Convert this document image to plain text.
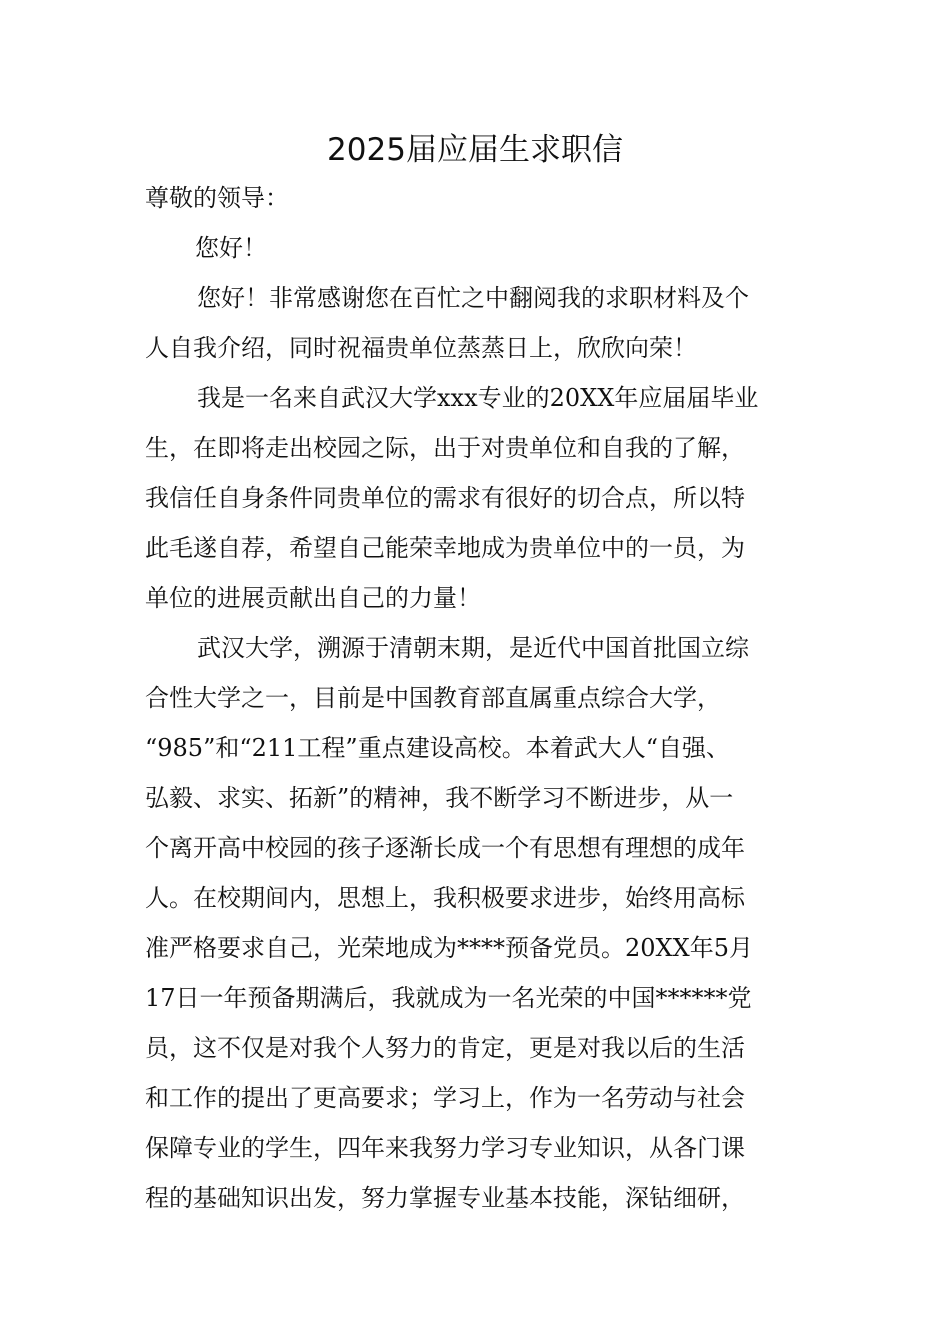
2025届应届生求职信
尊敬的领导：
您好！
您好！非常感谢您在百忙之中翻阅我的求职材料及个
人自我介绍，同时祝福贵单位蒸蒸日上，欣欣向荣！
我是一名来自武汉大学xxx专业的20XX年应届届毕业
生，在即将走出校园之际，出于对贵单位和自我的了解，
我信任自身条件同贵单位的需求有很好的切合点，所以特
此毛遂自荐，希望自己能荣幸地成为贵单位中的一员，为
单位的进展贡献出自己的力量！
武汉大学，溯源于清朝末期，是近代中国首批国立综
合性大学之一，目前是中国教育部直属重点综合大学，
“985”和“211工程”重点建设高校。本着武大人“自强、
弘毅、求实、拓新”的精神，我不断学习不断进步，从一
个离开高中校园的孩子逐渐长成一个有思想有理想的成年
人。在校期间内，思想上，我积极要求进步，始终用高标
准严格要求自己，光荣地成为****预备党员。20XX年5月
17日一年预备期满后，我就成为一名光荣的中国******党
员，这不仅是对我个人努力的肯定，更是对我以后的生活
和工作的提出了更高要求；学习上，作为一名劳动与社会
保障专业的学生，四年来我努力学习专业知识，从各门课
程的基础知识出发，努力掌握专业基本技能，深钻细研，
